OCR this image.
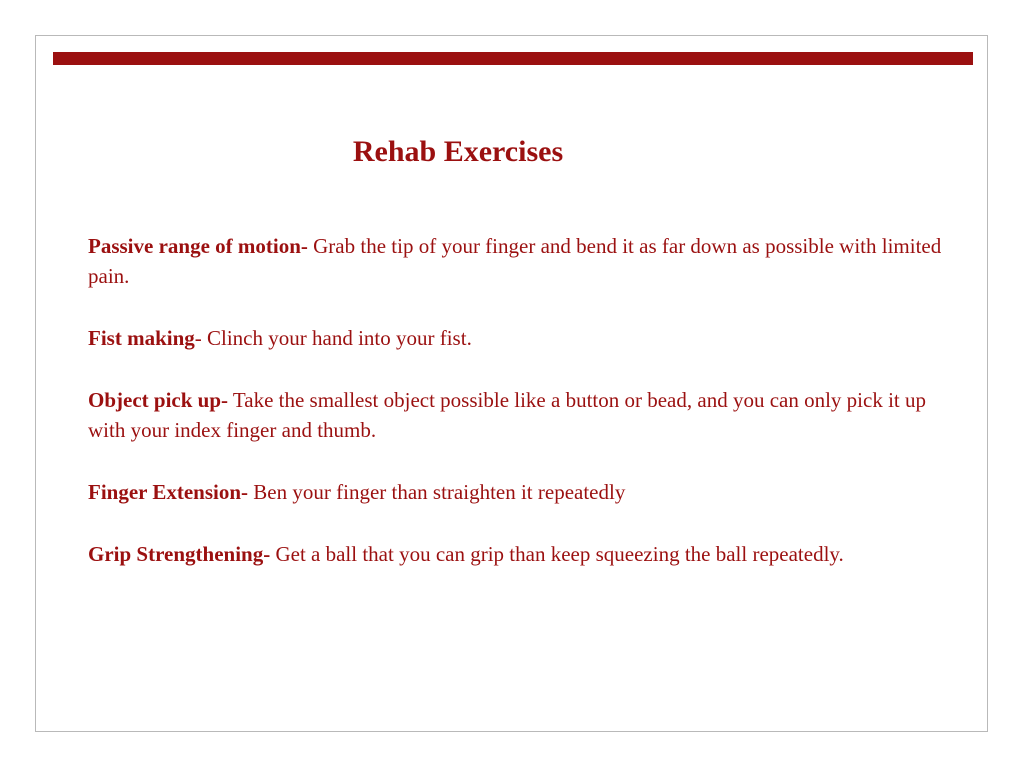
Rehab Exercises
Passive range of motion- Grab the tip of your finger and bend it as far down as possible with limited pain.
Fist making- Clinch your hand into your fist.
Object pick up- Take the smallest object possible like a button or bead, and you can only pick it up with your index finger and thumb.
Finger Extension- Ben your finger than straighten it repeatedly
Grip Strengthening- Get a ball that you can grip than keep squeezing the ball repeatedly.
